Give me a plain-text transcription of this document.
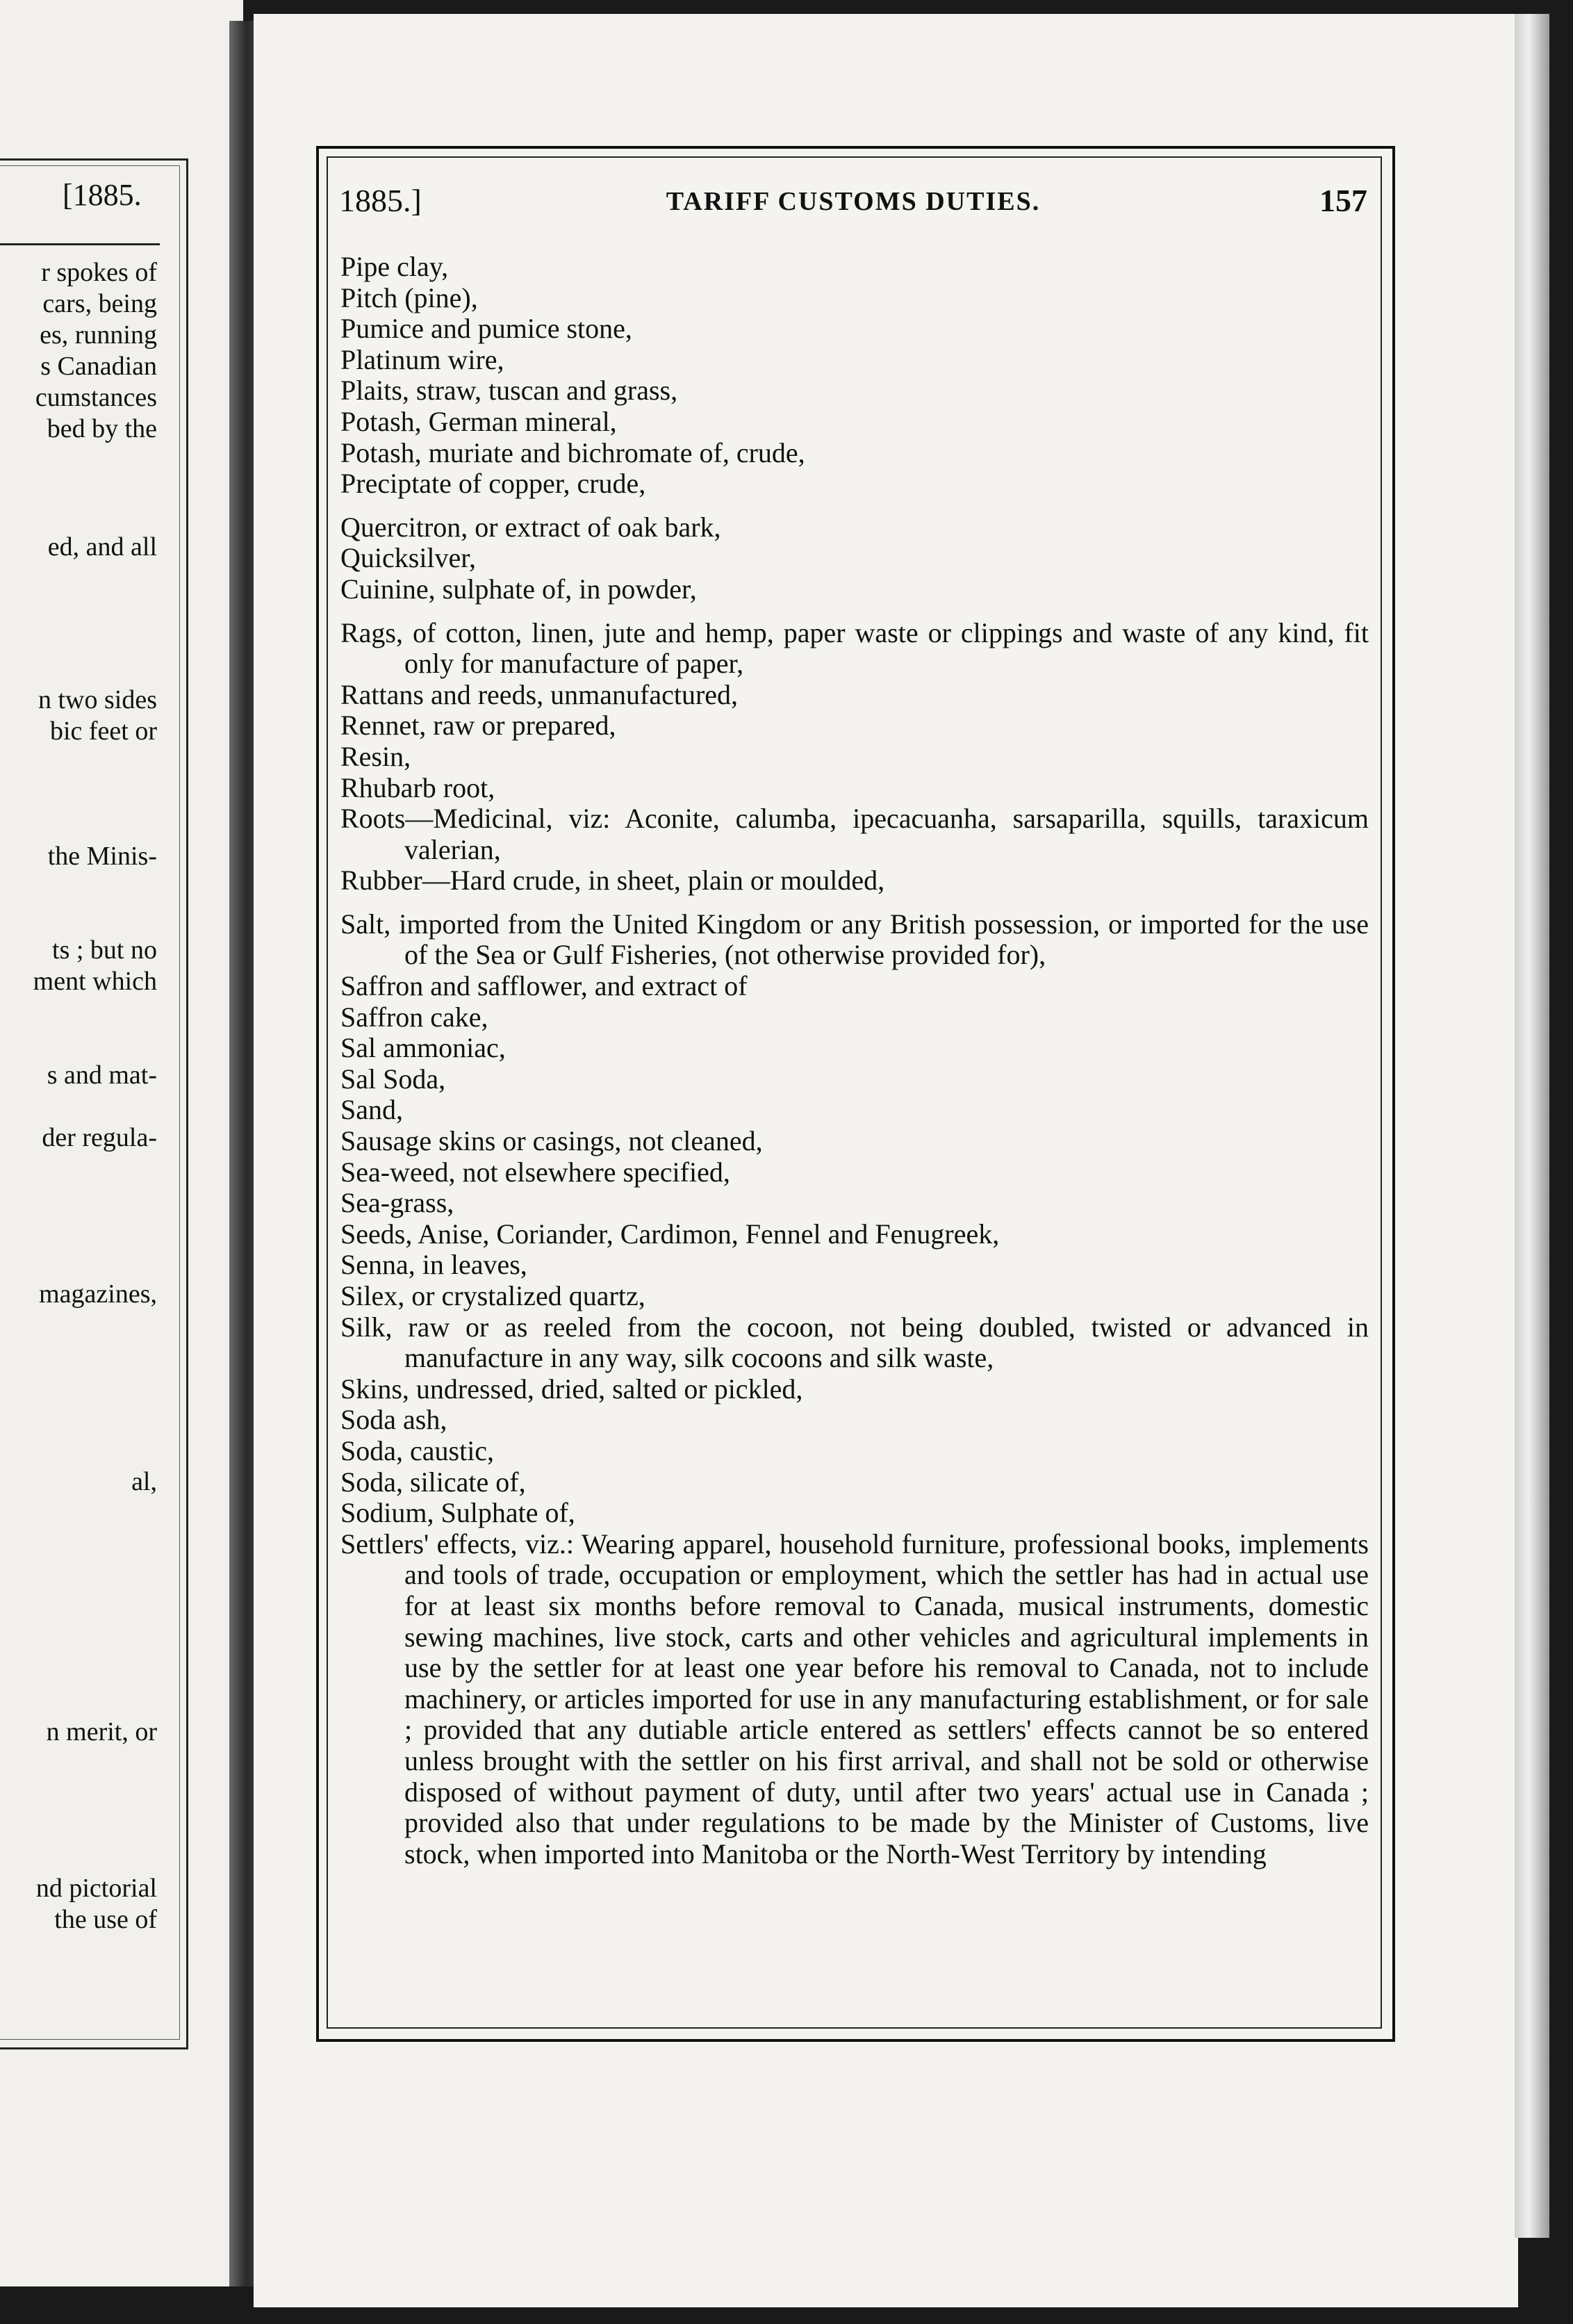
[1885.
r spokes of
cars, being
es, running
s Canadian
cumstances
bed by the
ed, and all
n two sides
bic feet or
the Minis-
ts ; but no
ment which
s and mat-
der regula-
magazines,
al,
n merit, or
nd pictorial
the use of
1885.]	TARIFF CUSTOMS DUTIES.	157
Pipe clay,
Pitch (pine),
Pumice and pumice stone,
Platinum wire,
Plaits, straw, tuscan and grass,
Potash, German mineral,
Potash, muriate and bichromate of, crude,
Preciptate of copper, crude,
Quercitron, or extract of oak bark,
Quicksilver,
Cuinine, sulphate of, in powder,
Rags, of cotton, linen, jute and hemp, paper waste or clippings and waste of any kind, fit only for manufacture of paper,
Rattans and reeds, unmanufactured,
Rennet, raw or prepared,
Resin,
Rhubarb root,
Roots—Medicinal, viz: Aconite, calumba, ipecacuanha, sarsaparilla, squills, taraxicum valerian,
Rubber—Hard crude, in sheet, plain or moulded,
Salt, imported from the United Kingdom or any British possession, or imported for the use of the Sea or Gulf Fisheries, (not otherwise provided for),
Saffron and safflower, and extract of
Saffron cake,
Sal ammoniac,
Sal Soda,
Sand,
Sausage skins or casings, not cleaned,
Sea-weed, not elsewhere specified,
Sea-grass,
Seeds, Anise, Coriander, Cardimon, Fennel and Fenugreek,
Senna, in leaves,
Silex, or crystalized quartz,
Silk, raw or as reeled from the cocoon, not being doubled, twisted or advanced in manufacture in any way, silk cocoons and silk waste,
Skins, undressed, dried, salted or pickled,
Soda ash,
Soda, caustic,
Soda, silicate of,
Sodium, Sulphate of,
Settlers' effects, viz.: Wearing apparel, household furniture, professional books, implements and tools of trade, occupation or employment, which the settler has had in actual use for at least six months before removal to Canada, musical instruments, domestic sewing machines, live stock, carts and other vehicles and agricultural implements in use by the settler for at least one year before his removal to Canada, not to include machinery, or articles imported for use in any manufacturing establishment, or for sale ; provided that any dutiable article entered as settlers' effects cannot be so entered unless brought with the settler on his first arrival, and shall not be sold or otherwise disposed of without payment of duty, until after two years' actual use in Canada ; provided also that under regulations to be made by the Minister of Customs, live stock, when imported into Manitoba or the North-West Territory by intending
